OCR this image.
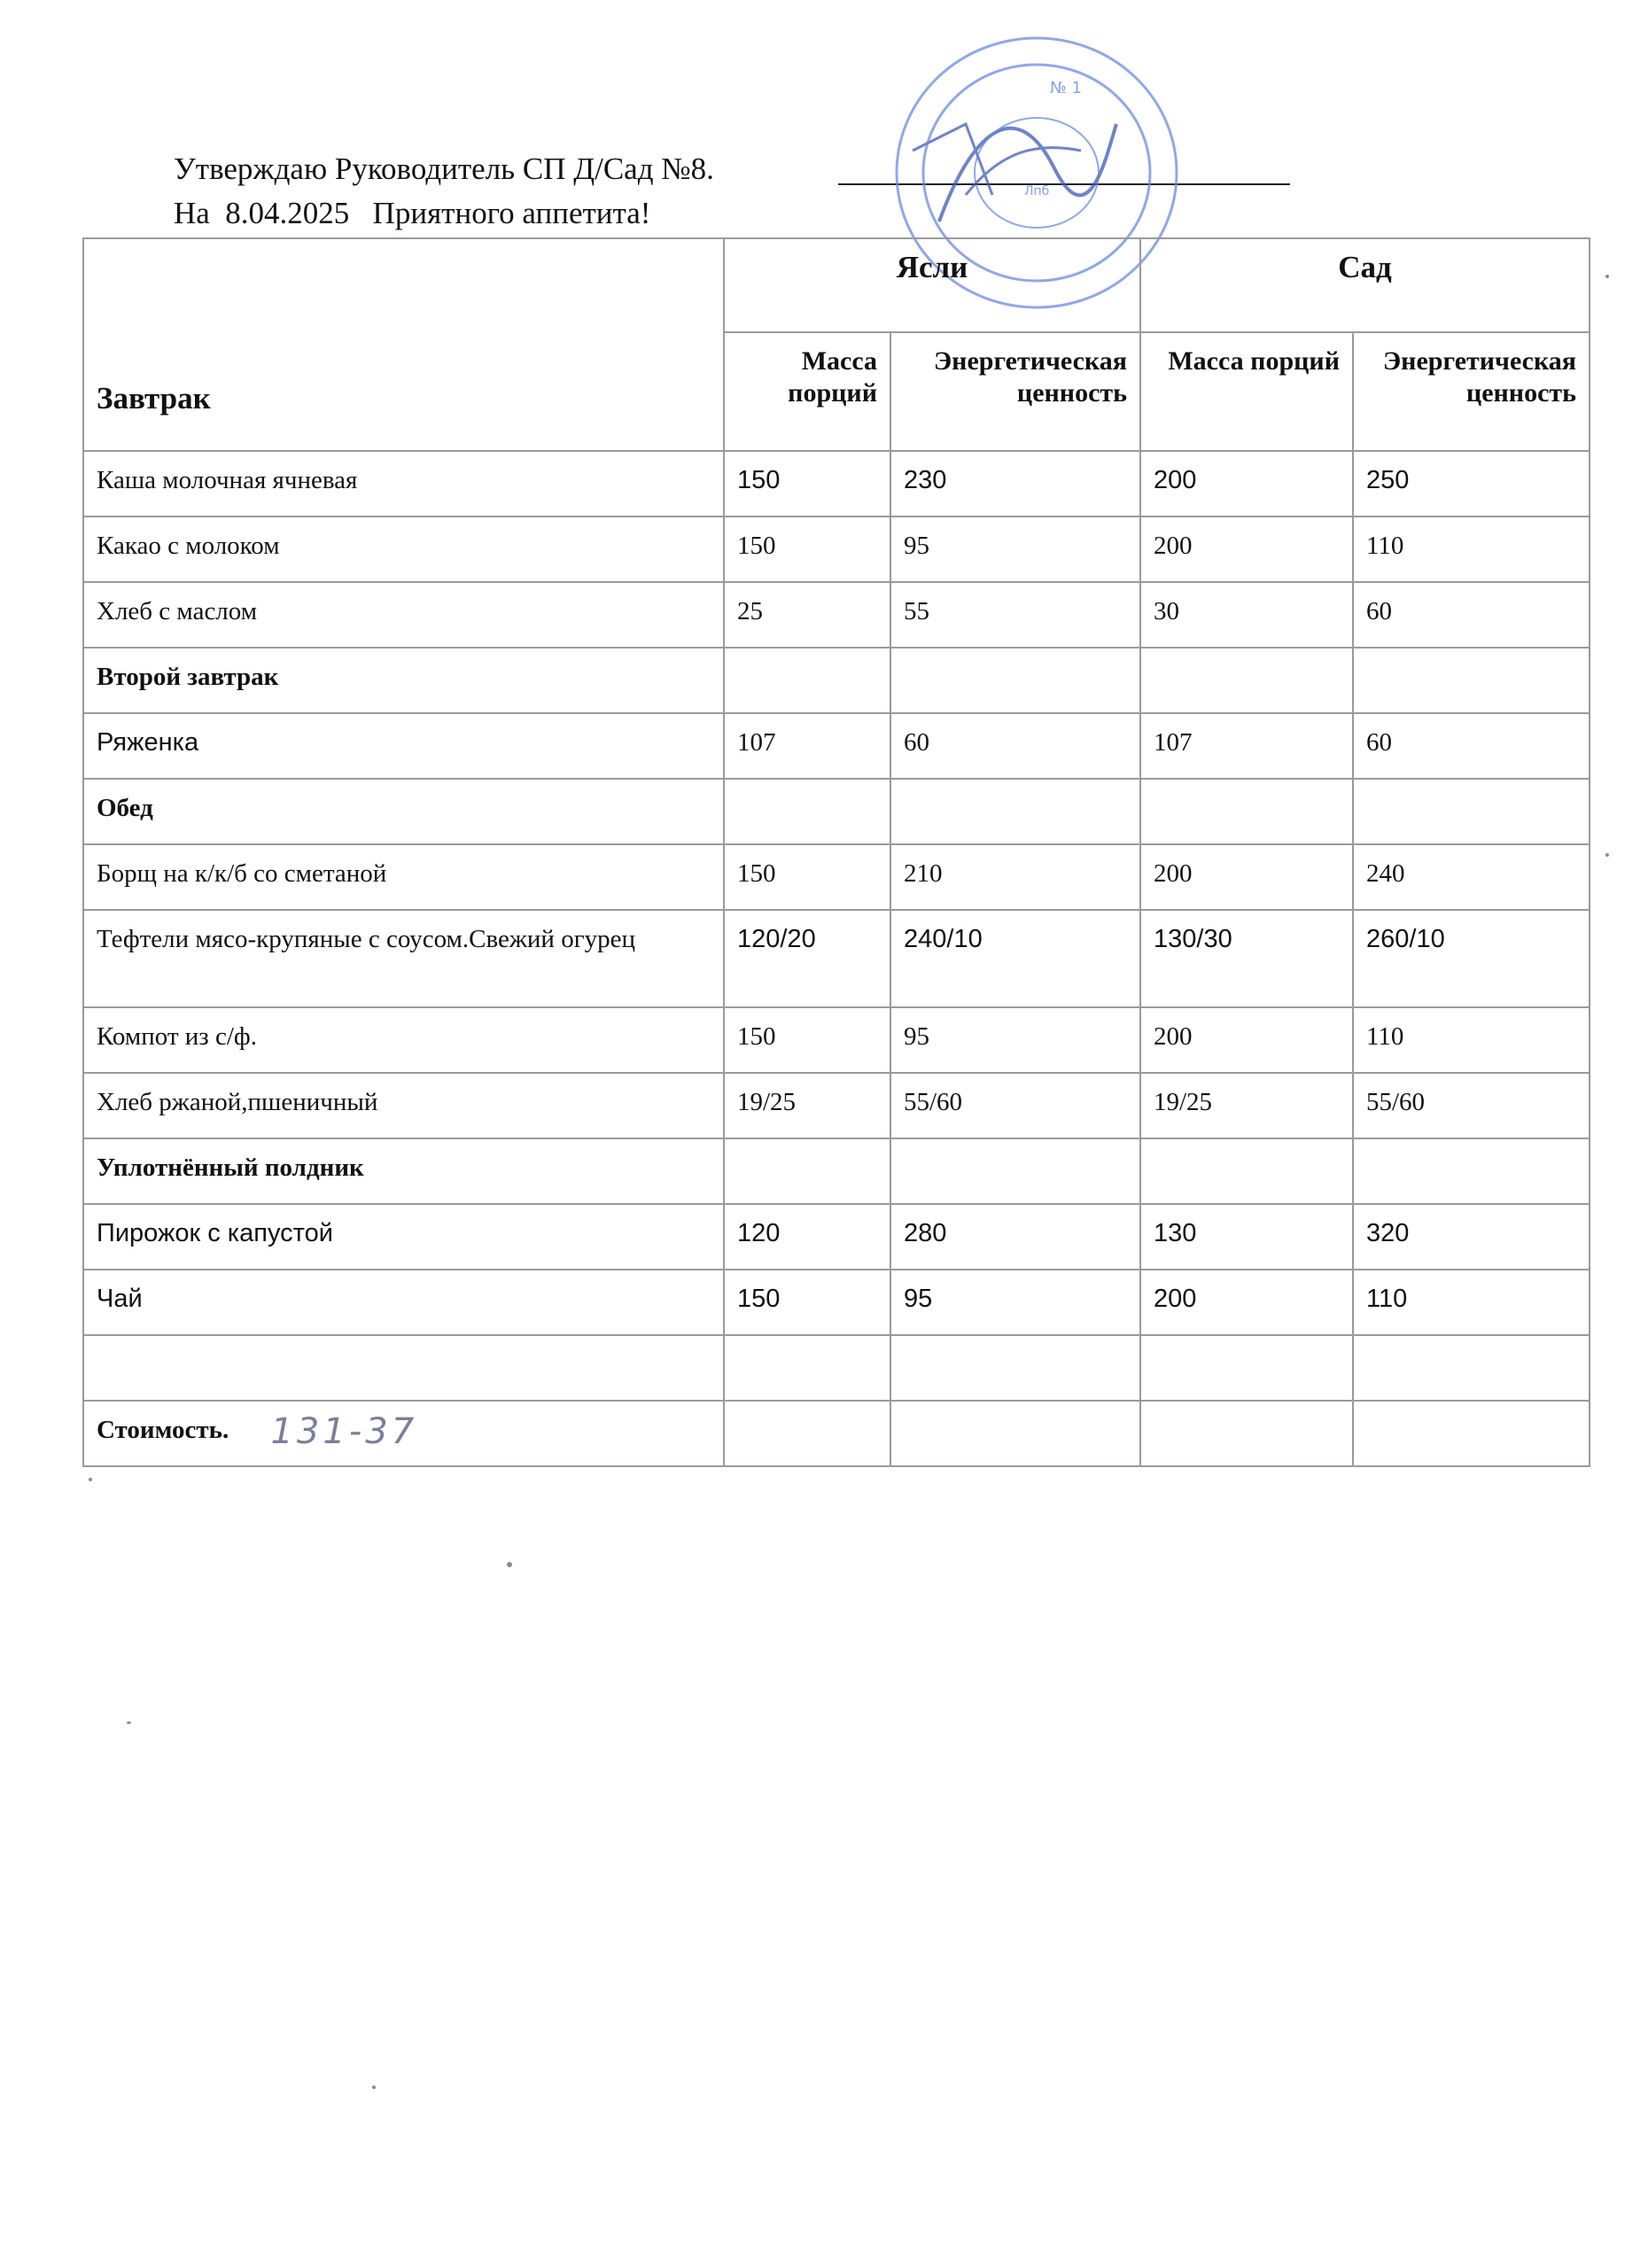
Утверждаю Руководитель СП Д/Сад №8.
На  8.04.2025   Приятного аппетита!
Лпб
№ 1
Завтрак	Ясли		Сад	
	Масса порций	Энергетическая ценность	Масса порций	Энергетическая ценность
Каша молочная ячневая	150	230	200	250
Какао с молоком	150	95	200	110
Хлеб с маслом	25	55	30	60
Второй завтрак				
Ряженка	107	60	107	60
Обед				
Борщ на к/к/б со сметаной	150	210	200	240
Тефтели мясо-крупяные с соусом.Свежий огурец	120/20	240/10	130/30	260/10
Компот из с/ф.	150	95	200	110
Хлеб ржаной,пшеничный	19/25	55/60	19/25	55/60
Уплотнённый полдник				
Пирожок с капустой	120	280	130	320
Чай	150	95	200	110

Стоимость. 131-37				
